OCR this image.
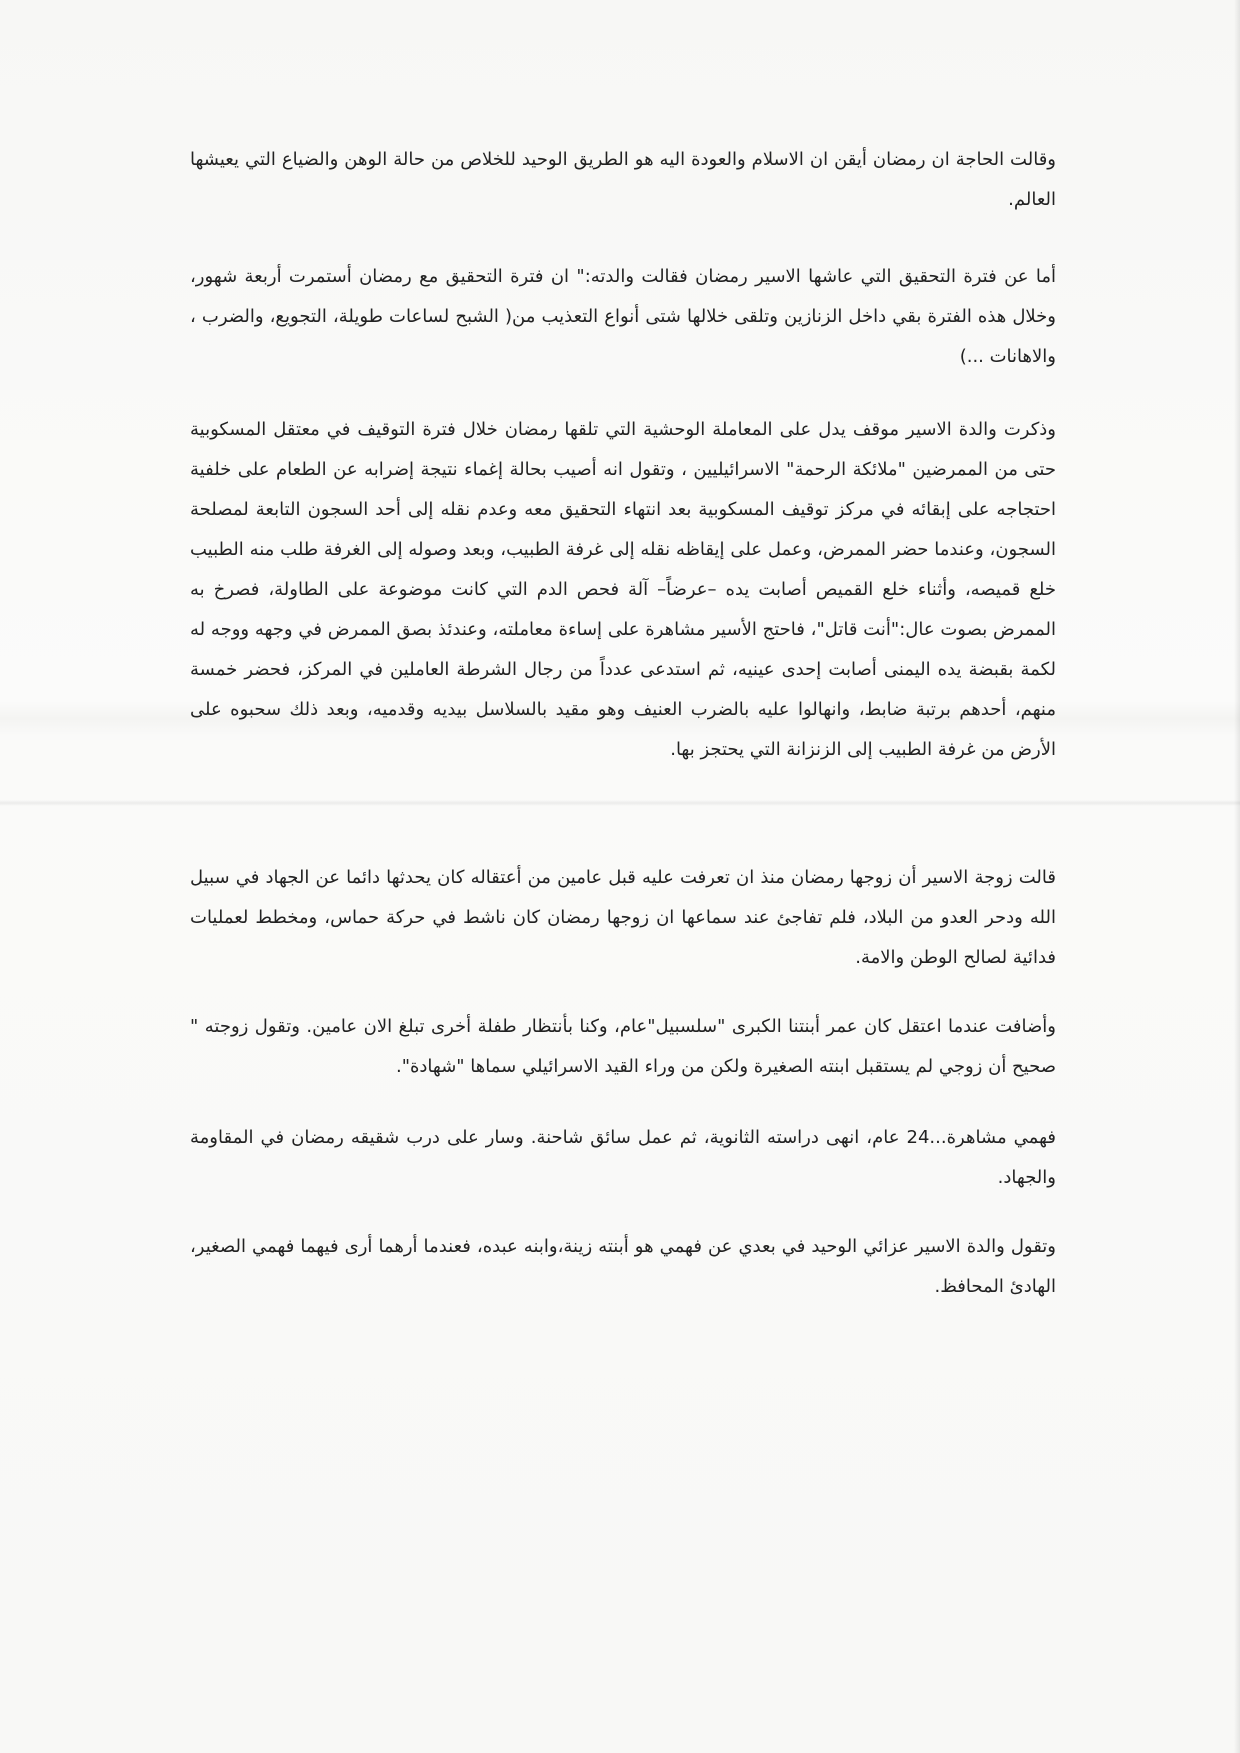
وقالت الحاجة ان رمضان أيقن ان الاسلام والعودة اليه هو الطريق الوحيد للخلاص من حالة الوهن والضياع التي يعيشها العالم.

أما عن فترة التحقيق التي عاشها الاسير رمضان فقالت والدته:" ان فترة التحقيق مع رمضان أستمرت أربعة شهور، وخلال هذه الفترة بقي داخل الزنازين وتلقى خلالها شتى أنواع التعذيب من( الشبح لساعات طويلة، التجويع، والضرب ، والاهانات ...)

وذكرت والدة الاسير موقف يدل على المعاملة الوحشية التي تلقها رمضان خلال فترة التوقيف في معتقل المسكوبية حتى من الممرضين "ملائكة الرحمة" الاسرائيليين ، وتقول انه أصيب بحالة إغماء نتيجة إضرابه عن الطعام على خلفية احتجاجه على إبقائه في مركز توقيف المسكوبية بعد انتهاء التحقيق معه وعدم نقله إلى أحد السجون التابعة لمصلحة السجون، وعندما حضر الممرض، وعمل على إيقاظه نقله إلى غرفة الطبيب، وبعد وصوله إلى الغرفة طلب منه الطبيب خلع قميصه، وأثناء خلع القميص أصابت يده –عرضاً– آلة فحص الدم التي كانت موضوعة على الطاولة، فصرخ به الممرض بصوت عال:"أنت قاتل"، فاحتج الأسير مشاهرة على إساءة معاملته، وعندئذ بصق الممرض في وجهه ووجه له لكمة بقبضة يده اليمنى أصابت إحدى عينيه، ثم استدعى عدداً من رجال الشرطة العاملين في المركز، فحضر خمسة منهم، أحدهم برتبة ضابط، وانهالوا عليه بالضرب العنيف وهو مقيد بالسلاسل بيديه وقدميه، وبعد ذلك سحبوه على الأرض من غرفة الطبيب إلى الزنزانة التي يحتجز بها.

قالت زوجة الاسير أن زوجها رمضان منذ ان تعرفت عليه قبل عامين من أعتقاله كان يحدثها دائما عن الجهاد في سبيل الله ودحر العدو من البلاد، فلم تفاجئ عند سماعها ان زوجها رمضان كان ناشط في حركة حماس، ومخطط لعمليات فدائية لصالح الوطن والامة.

وأضافت عندما اعتقل كان عمر أبنتنا الكبرى "سلسبيل"عام، وكنا بأنتظار طفلة أخرى تبلغ الان عامين. وتقول زوجته " صحيح أن زوجي لم يستقبل ابنته الصغيرة ولكن من وراء القيد الاسرائيلي سماها "شهادة".

فهمي مشاهرة...24 عام، انهى دراسته الثانوية، ثم عمل سائق شاحنة. وسار على درب شقيقه رمضان في المقاومة والجهاد.

وتقول والدة الاسير عزائي الوحيد في بعدي عن فهمي هو أبنته زينة،وابنه عبده، فعندما أرهما أرى فيهما فهمي الصغير، الهادئ المحافظ.
